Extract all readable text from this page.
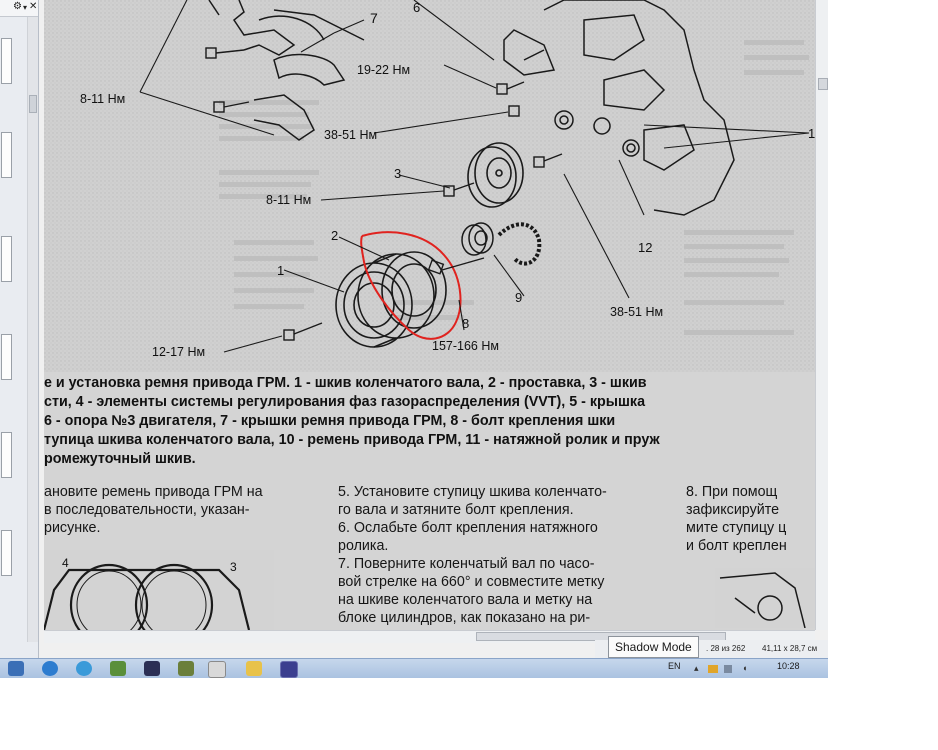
⚙ ▾ ✕	6
7
19-22 Нм
8-11 Нм
38-51 Нм
3
8-11 Нм
2
1
9
12
38-51 Нм
8
12-17 Нм	157-166 Нм
1
4	3
е и установка ремня привода ГРМ. 1 - шкив коленчатого вала, 2 - проставка, 3 - шкив
сти, 4 - элементы системы регулирования фаз газораспределения (VVT), 5 - крышка
6 - опора №3 двигателя, 7 - крышки ремня привода ГРМ, 8 - болт крепления шки
тупица шкива коленчатого вала, 10 - ремень привода ГРМ, 11 - натяжной ролик и пруж
ромежуточный шкив.
ановите ремень привода ГРМ на
в последовательности, указан-
рисунке.
5. Установите ступицу шкива коленчато-
го вала и затяните болт крепления.
6. Ослабьте болт крепления натяжного
ролика.
7. Поверните коленчатый вал по часо-
вой стрелке на 660° и совместите метку
на шкиве коленчатого вала и метку на
блоке цилиндров, как показано на ри-
8. При помощ
зафиксируйте
мите ступицу ц
и болт креплен
Shadow Mode	. 28 из 262 41,11 x 28,7 см
EN ▴	◖	10:28
